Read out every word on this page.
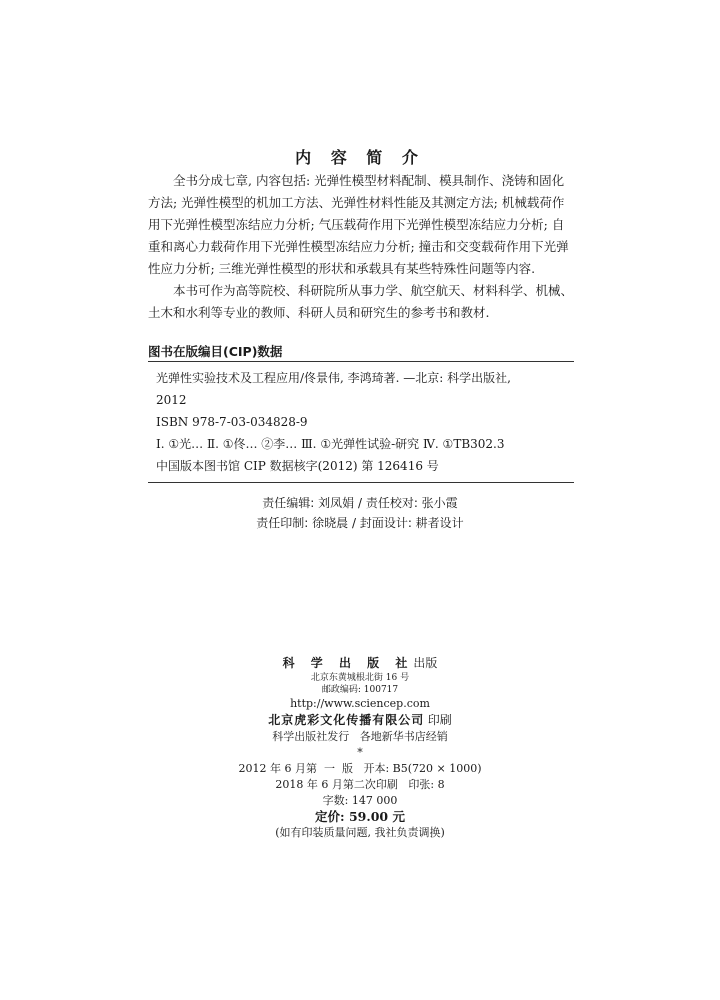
内 容 简 介

全书分成七章, 内容包括: 光弹性模型材料配制、模具制作、浇铸和固化方法; 光弹性模型的机加工方法、光弹性材料性能及其测定方法; 机械载荷作用下光弹性模型冻结应力分析; 气压载荷作用下光弹性模型冻结应力分析; 自重和离心力载荷作用下光弹性模型冻结应力分析; 撞击和交变载荷作用下光弹性应力分析; 三维光弹性模型的形状和承载具有某些特殊性问题等内容.

本书可作为高等院校、科研院所从事力学、航空航天、材料科学、机械、土木和水利等专业的教师、科研人员和研究生的参考书和教材.

图书在版编目(CIP)数据
光弹性实验技术及工程应用/佟景伟, 李鸿琦著. —北京: 科学出版社,
2012
ISBN 978-7-03-034828-9
Ⅰ. ①光… Ⅱ. ①佟… ②李… Ⅲ. ①光弹性试验-研究 Ⅳ. ①TB302.3
中国版本图书馆 CIP 数据核字(2012) 第 126416 号
责任编辑: 刘凤娟 / 责任校对: 张小霞
责任印制: 徐晓晨 / 封面设计: 耕者设计
科 学 出 版 社出版
北京东黄城根北街 16 号
邮政编码: 100717
http://www.sciencep.com
北京虎彩文化传播有限公司 印刷
科学出版社发行   各地新华书店经销
*
2012 年 6 月第  一  版   开本: B5(720 × 1000)
2018 年 6 月第二次印刷   印张: 8
字数: 147 000
定价: 59.00 元
(如有印装质量问题, 我社负责调换)
